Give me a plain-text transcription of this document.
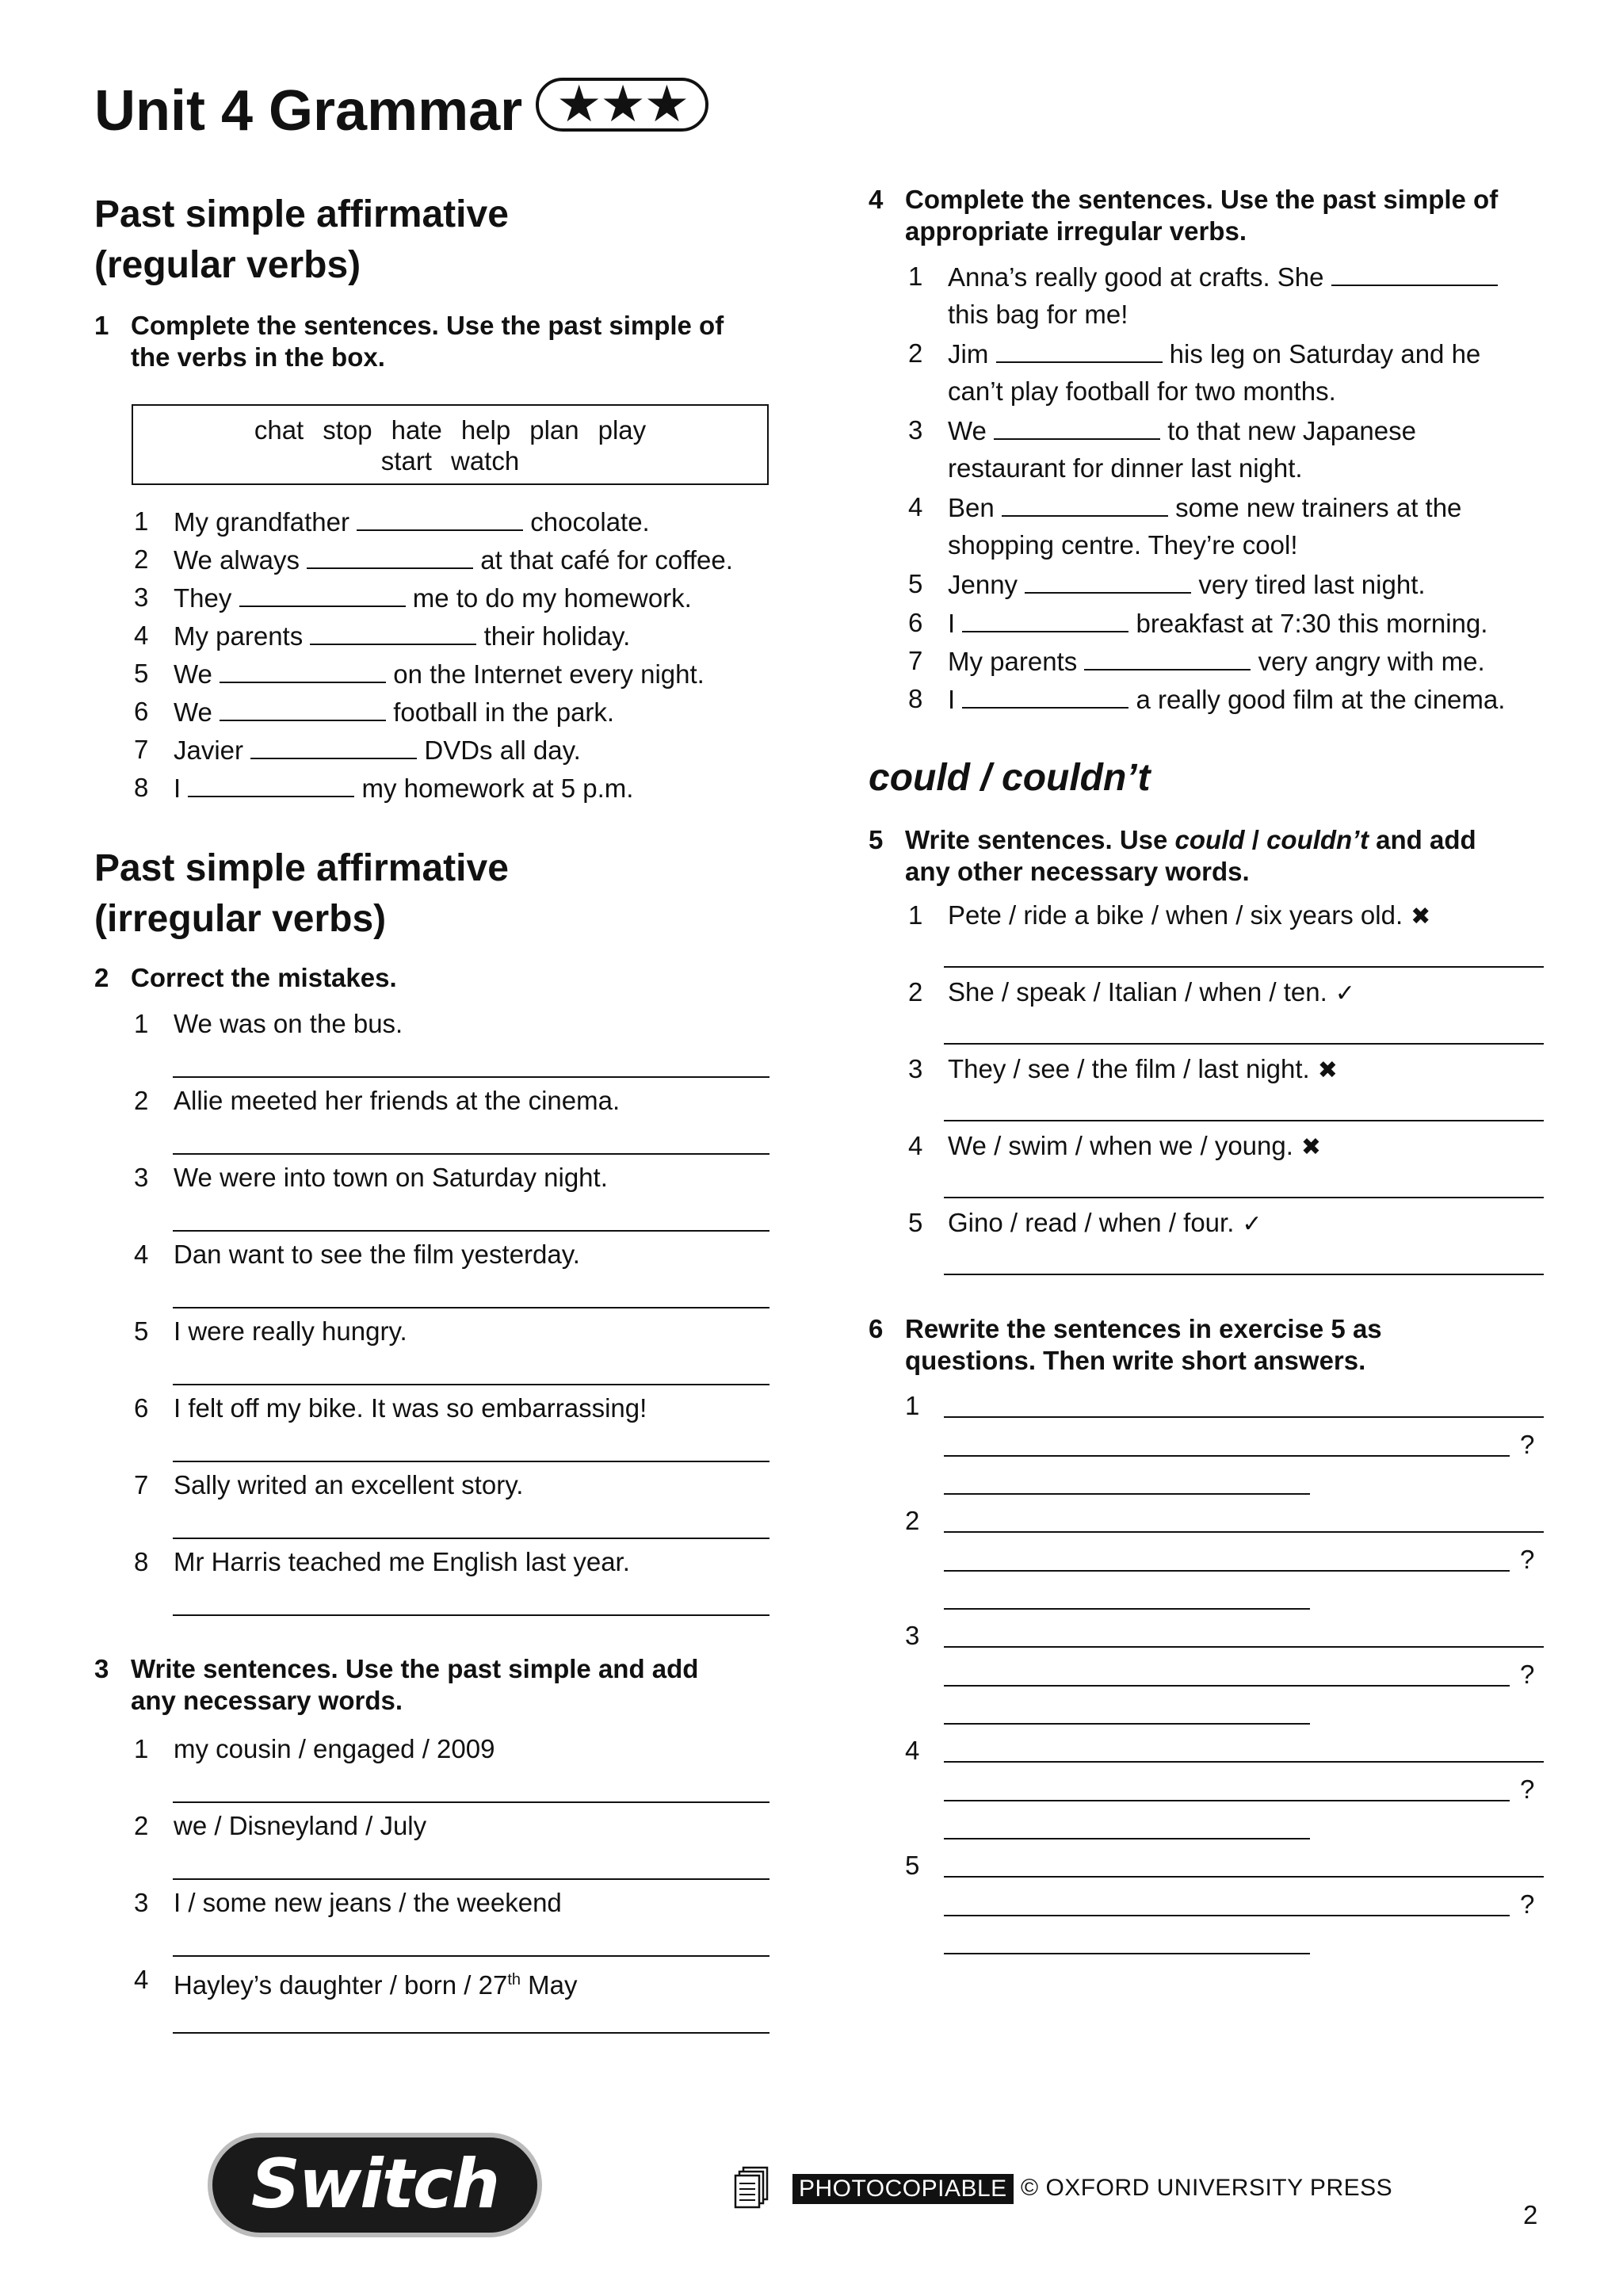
Unit 4 Grammar ★★★
Past simple affirmative
(regular verbs)
1 Complete the sentences. Use the past simple of
the verbs in the box.
chat stop hate help plan play
start watch
1 My grandfather	chocolate.
2 We always	at that café for coffee.
3 They	me to do my homework.
4 My parents	their holiday.
5 We	on the Internet every night.
6 We	football in the park.
7 Javier	DVDs all day.
8 I	my homework at 5 p.m.
Past simple affirmative
(irregular verbs)
2 Correct the mistakes.
1 We was on the bus.
2 Allie meeted her friends at the cinema.
3 We were into town on Saturday night.
4 Dan want to see the film yesterday.
5 I were really hungry.
6 I felt off my bike. It was so embarrassing!
7 Sally writed an excellent story.
8 Mr Harris teached me English last year.
3 Write sentences. Use the past simple and add
any necessary words.
1 my cousin / engaged / 2009
2 we / Disneyland / July
3 I / some new jeans / the weekend
4 Hayley’s daughter / born / 27th May
4 Complete the sentences. Use the past simple of
appropriate irregular verbs.
1 Anna’s really good at crafts. She
this bag for me!
2 Jim	his leg on Saturday and he
can’t play football for two months.
3 We	to that new Japanese
restaurant for dinner last night.
4 Ben	some new trainers at the
shopping centre. They’re cool!
5 Jenny	very tired last night.
6 I	breakfast at 7:30 this morning.
7 My parents	very angry with me.
8 I	a really good film at the cinema.
could / couldn’t
5 Write sentences. Use could / couldn’t and add
any other necessary words.
1 Pete / ride a bike / when / six years old. ✖
2 She / speak / Italian / when / ten. ✓
3 They / see / the film / last night. ✖
4 We / swim / when we / young. ✖
5 Gino / read / when / four. ✓
6 Rewrite the sentences in exercise 5 as
questions. Then write short answers.
1
?
2
?
3
?
4
?
5
?
Switch	PHOTOCOPIABLE © OXFORD UNIVERSITY PRESS
2
